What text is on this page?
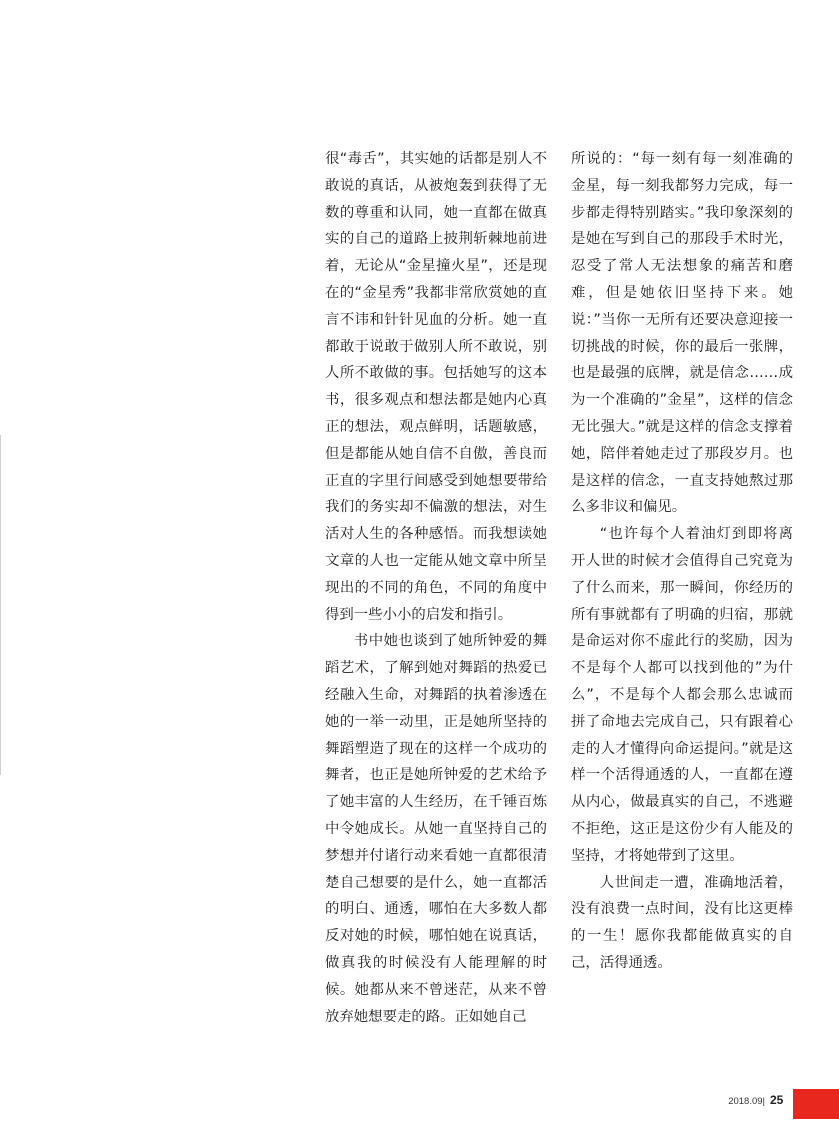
很“毒舌”，其实她的话都是别人不敢说的真话，从被炮轰到获得了无数的尊重和认同，她一直都在做真实的自己的道路上披荆斩棘地前进着，无论从“金星撞火星”，还是现在的“金星秀”我都非常欣赏她的直言不讳和针针见血的分析。她一直都敢于说敢于做别人所不敢说，别人所不敢做的事。包括她写的这本书，很多观点和想法都是她内心真正的想法，观点鲜明，话题敏感，但是都能从她自信不自傲，善良而正直的字里行间感受到她想要带给我们的务实却不偏激的想法，对生活对人生的各种感悟。而我想读她文章的人也一定能从她文章中所呈现出的不同的角色，不同的角度中得到一些小小的启发和指引。

书中她也谈到了她所钟爱的舞蹈艺术，了解到她对舞蹈的热爱已经融入生命，对舞蹈的执着渗透在她的一举一动里，正是她所坚持的舞蹈塑造了现在的这样一个成功的舞者，也正是她所钟爱的艺术给予了她丰富的人生经历，在千锤百炼中令她成长。从她一直坚持自己的梦想并付诸行动来看她一直都很清楚自己想要的是什么，她一直都活的明白、通透，哪怕在大多数人都反对她的时候，哪怕她在说真话，做真我的时候没有人能理解的时候。她都从来不曾迷茫，从来不曾放弃她想要走的路。正如她自己

所说的：“每一刻有每一刻准确的金星，每一刻我都努力完成，每一步都走得特别踏实。”我印象深刻的是她在写到自己的那段手术时光，忍受了常人无法想象的痛苦和磨难，但是她依旧坚持下来。她说：”当你一无所有还要决意迎接一切挑战的时候，你的最后一张牌，也是最强的底牌，就是信念……成为一个准确的”金星”，这样的信念无比强大。”就是这样的信念支撑着她，陪伴着她走过了那段岁月。也是这样的信念，一直支持她熬过那么多非议和偏见。

“也许每个人着油灯到即将离开人世的时候才会值得自己究竟为了什么而来，那一瞬间，你经历的所有事就都有了明确的归宿，那就是命运对你不虚此行的奖励，因为不是每个人都可以找到他的”为什么”，不是每个人都会那么忠诚而拼了命地去完成自己，只有跟着心走的人才懂得向命运提问。”就是这样一个活得通透的人，一直都在遵从内心，做最真实的自己，不逃避不拒绝，这正是这份少有人能及的坚持，才将她带到了这里。

人世间走一遭，准确地活着，没有浪费一点时间，没有比这更棒的一生！愿你我都能做真实的自己，活得通透。

2018.09| 25
